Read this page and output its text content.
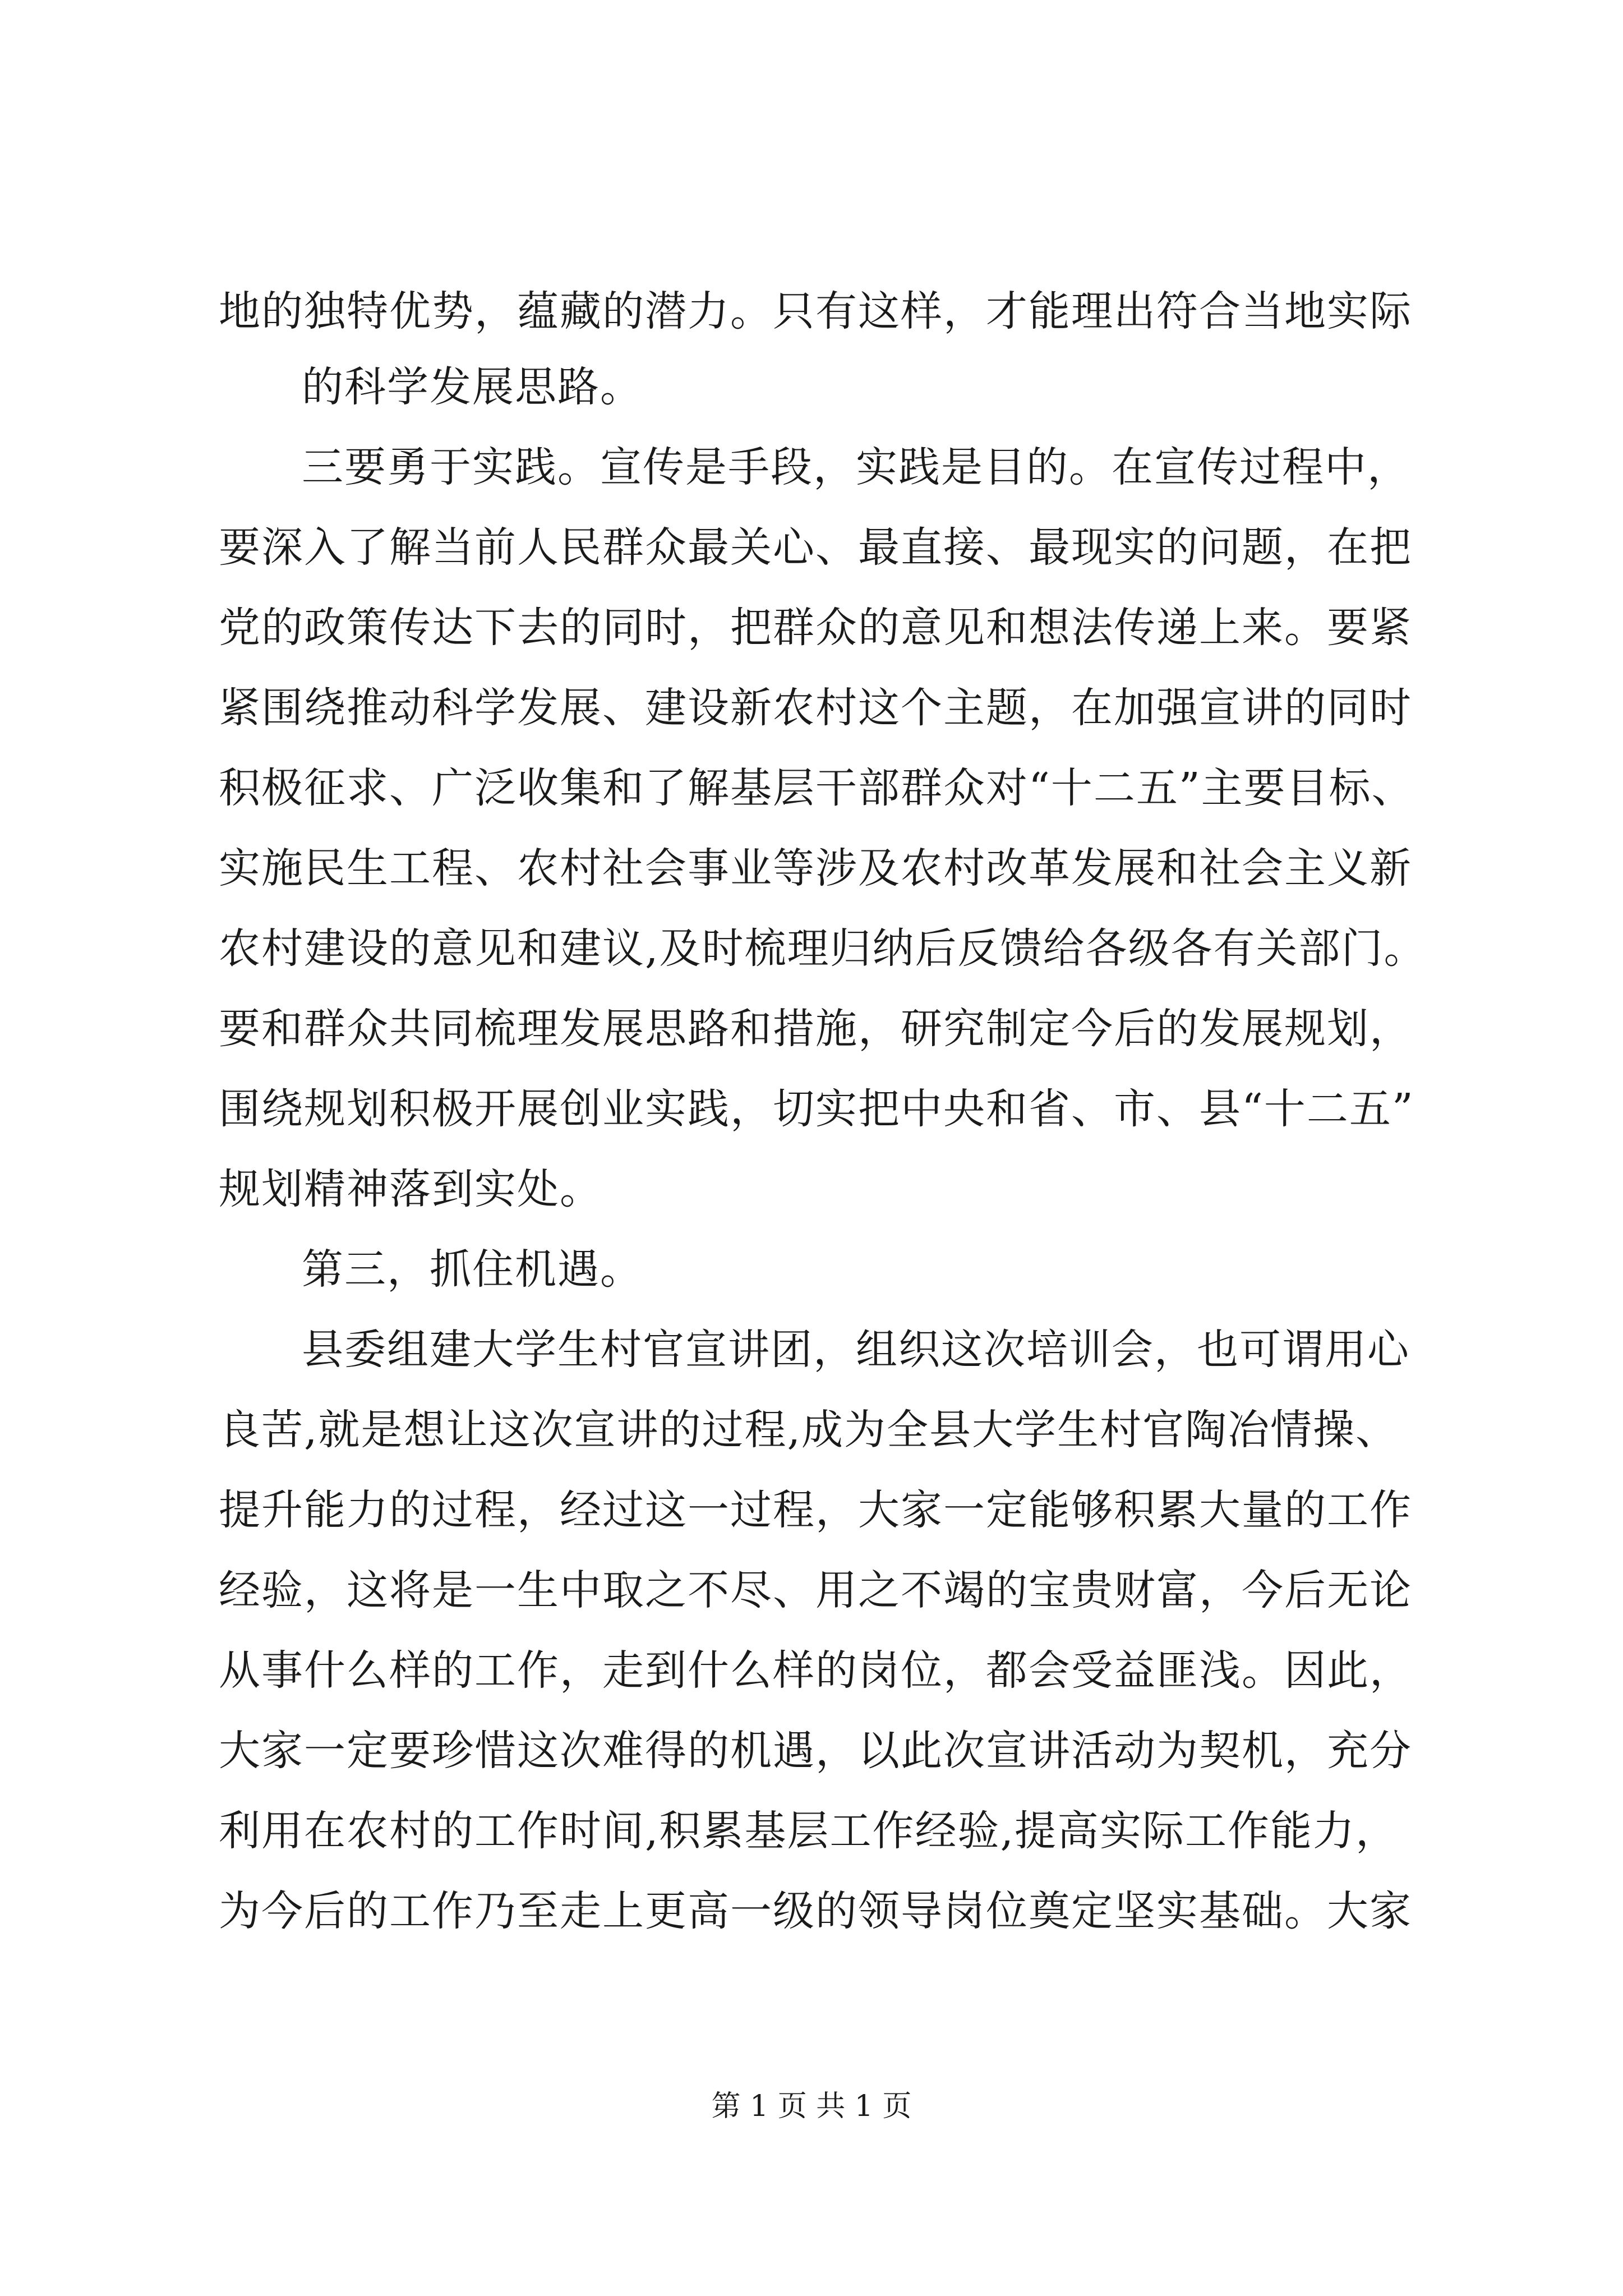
地的独特优势，蕴藏的潜力。只有这样，才能理出符合当地实际
的科学发展思路。
三要勇于实践。宣传是手段，实践是目的。在宣传过程中，
要深入了解当前人民群众最关心、最直接、最现实的问题，在把
党的政策传达下去的同时，把群众的意见和想法传递上来。要紧
紧围绕推动科学发展、建设新农村这个主题，在加强宣讲的同时
积极征求、广泛收集和了解基层干部群众对“十二五”主要目标、
实施民生工程、农村社会事业等涉及农村改革发展和社会主义新
农村建设的意见和建议,及时梳理归纳后反馈给各级各有关部门。
要和群众共同梳理发展思路和措施，研究制定今后的发展规划，
围绕规划积极开展创业实践，切实把中央和省、市、县“十二五”
规划精神落到实处。
第三，抓住机遇。
县委组建大学生村官宣讲团，组织这次培训会，也可谓用心
良苦,就是想让这次宣讲的过程,成为全县大学生村官陶冶情操、
提升能力的过程，经过这一过程，大家一定能够积累大量的工作
经验，这将是一生中取之不尽、用之不竭的宝贵财富，今后无论
从事什么样的工作，走到什么样的岗位，都会受益匪浅。因此，
大家一定要珍惜这次难得的机遇，以此次宣讲活动为契机，充分
利用在农村的工作时间,积累基层工作经验,提高实际工作能力，
为今后的工作乃至走上更高一级的领导岗位奠定坚实基础。大家
第 1 页 共 1 页
